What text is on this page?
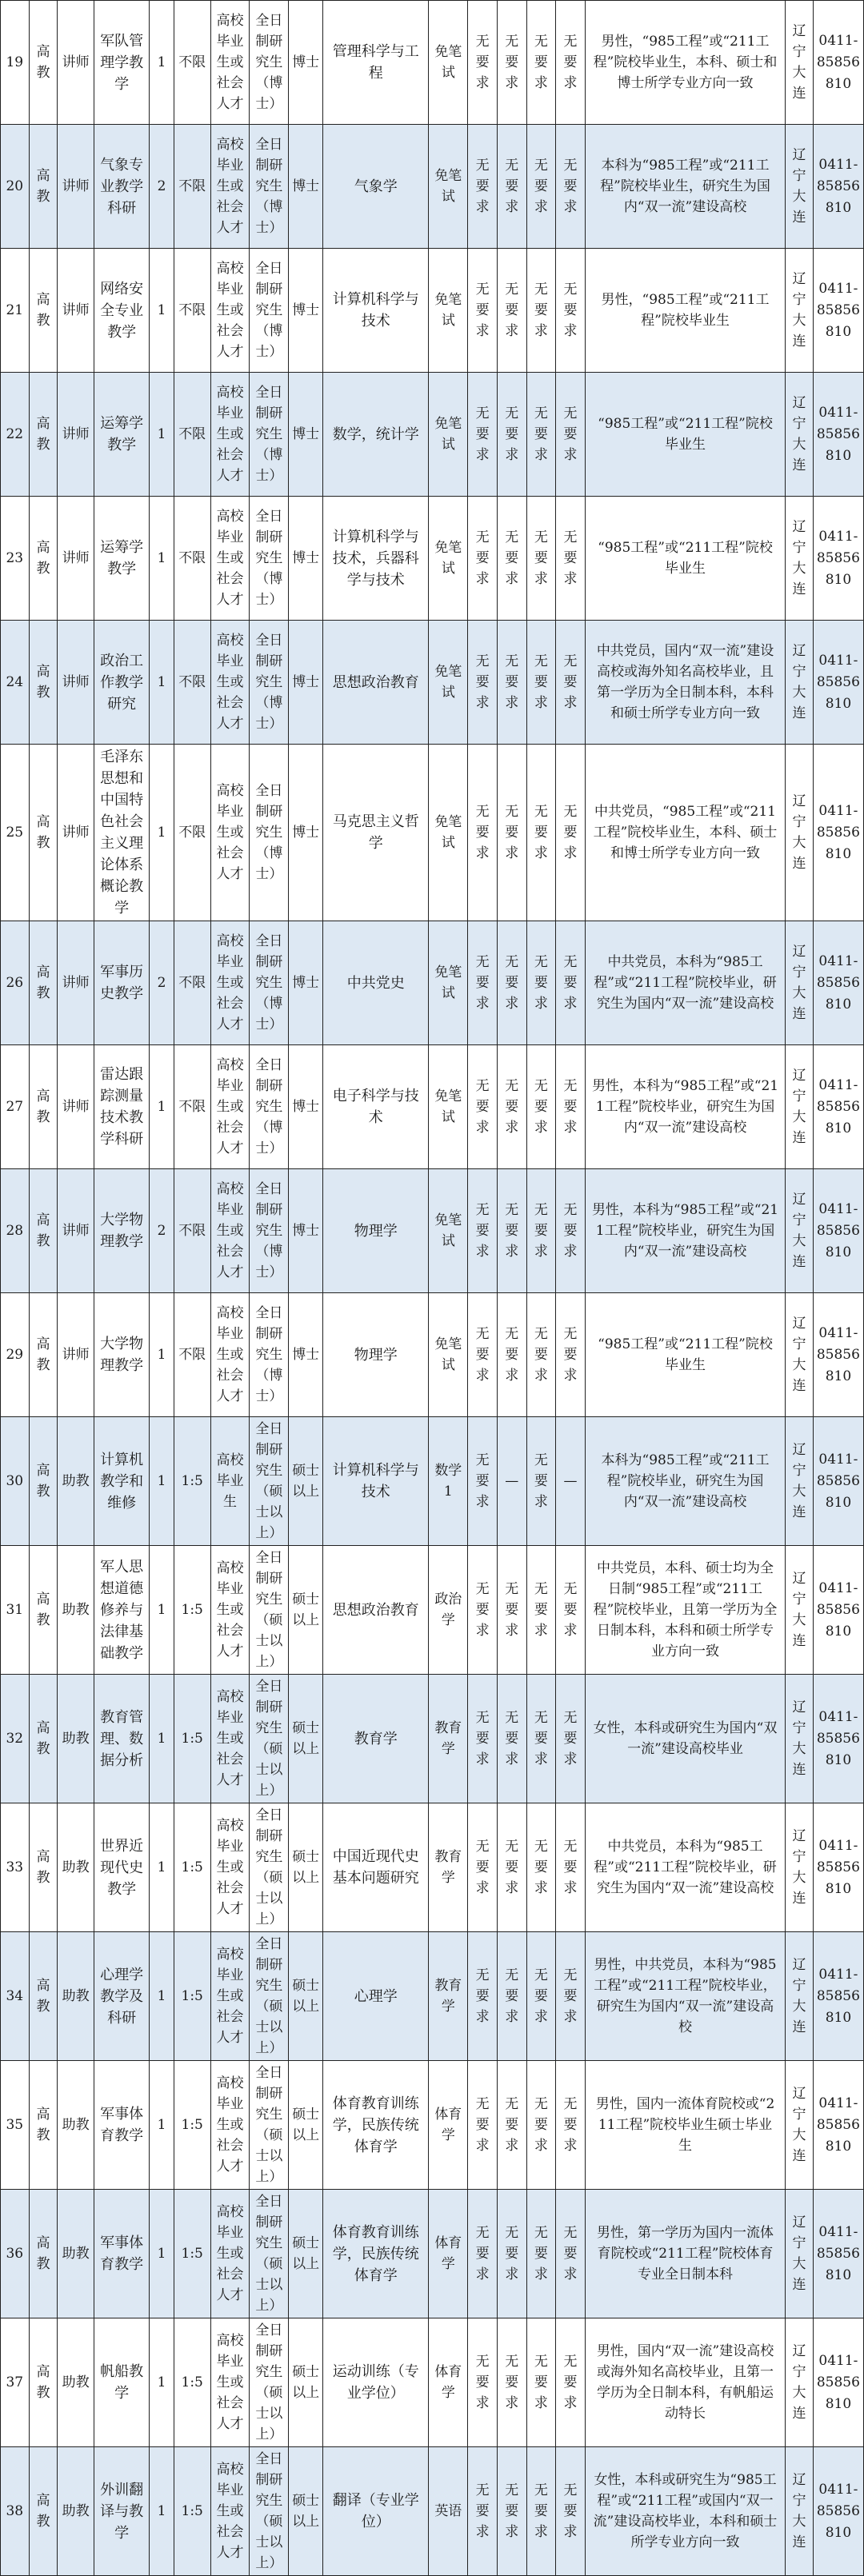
19	高教	讲师	军队管理学教学	1	不限	高校毕业生或社会人才	全日制研究生（博士）	博士	管理科学与工程	免笔试	无要求	无要求	无要求	无要求	男性，“985工程”或“211工程”院校毕业生，本科、硕士和博士所学专业方向一致	辽宁大连	0411-85856810
20	高教	讲师	气象专业教学科研	2	不限	高校毕业生或社会人才	全日制研究生（博士）	博士	气象学	免笔试	无要求	无要求	无要求	无要求	本科为“985工程”或“211工程”院校毕业生，研究生为国内“双一流”建设高校	辽宁大连	0411-85856810
21	高教	讲师	网络安全专业教学	1	不限	高校毕业生或社会人才	全日制研究生（博士）	博士	计算机科学与技术	免笔试	无要求	无要求	无要求	无要求	男性，“985工程”或“211工程”院校毕业生	辽宁大连	0411-85856810
22	高教	讲师	运筹学教学	1	不限	高校毕业生或社会人才	全日制研究生（博士）	博士	数学，统计学	免笔试	无要求	无要求	无要求	无要求	“985工程”或“211工程”院校毕业生	辽宁大连	0411-85856810
23	高教	讲师	运筹学教学	1	不限	高校毕业生或社会人才	全日制研究生（博士）	博士	计算机科学与技术，兵器科学与技术	免笔试	无要求	无要求	无要求	无要求	“985工程”或“211工程”院校毕业生	辽宁大连	0411-85856810
24	高教	讲师	政治工作教学研究	1	不限	高校毕业生或社会人才	全日制研究生（博士）	博士	思想政治教育	免笔试	无要求	无要求	无要求	无要求	中共党员，国内“双一流”建设高校或海外知名高校毕业，且第一学历为全日制本科，本科和硕士所学专业方向一致	辽宁大连	0411-85856810
25	高教	讲师	毛泽东思想和中国特色社会主义理论体系概论教学	1	不限	高校毕业生或社会人才	全日制研究生（博士）	博士	马克思主义哲学	免笔试	无要求	无要求	无要求	无要求	中共党员，“985工程”或“211工程”院校毕业生，本科、硕士和博士所学专业方向一致	辽宁大连	0411-85856810
26	高教	讲师	军事历史教学	2	不限	高校毕业生或社会人才	全日制研究生（博士）	博士	中共党史	免笔试	无要求	无要求	无要求	无要求	中共党员，本科为“985工程”或“211工程”院校毕业，研究生为国内“双一流”建设高校	辽宁大连	0411-85856810
27	高教	讲师	雷达跟踪测量技术教学科研	1	不限	高校毕业生或社会人才	全日制研究生（博士）	博士	电子科学与技术	免笔试	无要求	无要求	无要求	无要求	男性，本科为“985工程”或“211工程”院校毕业，研究生为国内“双一流”建设高校	辽宁大连	0411-85856810
28	高教	讲师	大学物理教学	2	不限	高校毕业生或社会人才	全日制研究生（博士）	博士	物理学	免笔试	无要求	无要求	无要求	无要求	男性，本科为“985工程”或“211工程”院校毕业，研究生为国内“双一流”建设高校	辽宁大连	0411-85856810
29	高教	讲师	大学物理教学	1	不限	高校毕业生或社会人才	全日制研究生（博士）	博士	物理学	免笔试	无要求	无要求	无要求	无要求	“985工程”或“211工程”院校毕业生	辽宁大连	0411-85856810
30	高教	助教	计算机教学和维修	1	1:5	高校毕业生	全日制研究生（硕士以上）	硕士以上	计算机科学与技术	数学1	无要求	—	无要求	—	本科为“985工程”或“211工程”院校毕业，研究生为国内“双一流”建设高校	辽宁大连	0411-85856810
31	高教	助教	军人思想道德修养与法律基础教学	1	1:5	高校毕业生或社会人才	全日制研究生（硕士以上）	硕士以上	思想政治教育	政治学	无要求	无要求	无要求	无要求	中共党员，本科、硕士均为全日制“985工程”或“211工程”院校毕业，且第一学历为全日制本科，本科和硕士所学专业方向一致	辽宁大连	0411-85856810
32	高教	助教	教育管理、数据分析	1	1:5	高校毕业生或社会人才	全日制研究生（硕士以上）	硕士以上	教育学	教育学	无要求	无要求	无要求	无要求	女性，本科或研究生为国内“双一流”建设高校毕业	辽宁大连	0411-85856810
33	高教	助教	世界近现代史教学	1	1:5	高校毕业生或社会人才	全日制研究生（硕士以上）	硕士以上	中国近现代史基本问题研究	教育学	无要求	无要求	无要求	无要求	中共党员，本科为“985工程”或“211工程”院校毕业，研究生为国内“双一流”建设高校	辽宁大连	0411-85856810
34	高教	助教	心理学教学及科研	1	1:5	高校毕业生或社会人才	全日制研究生（硕士以上）	硕士以上	心理学	教育学	无要求	无要求	无要求	无要求	男性，中共党员，本科为“985工程”或“211工程”院校毕业，研究生为国内“双一流”建设高校	辽宁大连	0411-85856810
35	高教	助教	军事体育教学	1	1:5	高校毕业生或社会人才	全日制研究生（硕士以上）	硕士以上	体育教育训练学，民族传统体育学	体育学	无要求	无要求	无要求	无要求	男性，国内一流体育院校或“211工程”院校毕业生硕士毕业生	辽宁大连	0411-85856810
36	高教	助教	军事体育教学	1	1:5	高校毕业生或社会人才	全日制研究生（硕士以上）	硕士以上	体育教育训练学，民族传统体育学	体育学	无要求	无要求	无要求	无要求	男性，第一学历为国内一流体育院校或“211工程”院校体育专业全日制本科	辽宁大连	0411-85856810
37	高教	助教	帆船教学	1	1:5	高校毕业生或社会人才	全日制研究生（硕士以上）	硕士以上	运动训练（专业学位）	体育学	无要求	无要求	无要求	无要求	男性，国内“双一流”建设高校或海外知名高校毕业，且第一学历为全日制本科，有帆船运动特长	辽宁大连	0411-85856810
38	高教	助教	外训翻译与教学	1	1:5	高校毕业生或社会人才	全日制研究生（硕士以上）	硕士以上	翻译（专业学位）	英语	无要求	无要求	无要求	无要求	女性，本科或研究生为“985工程”或“211工程”或国内“双一流”建设高校毕业，本科和硕士所学专业方向一致	辽宁大连	0411-85856810
